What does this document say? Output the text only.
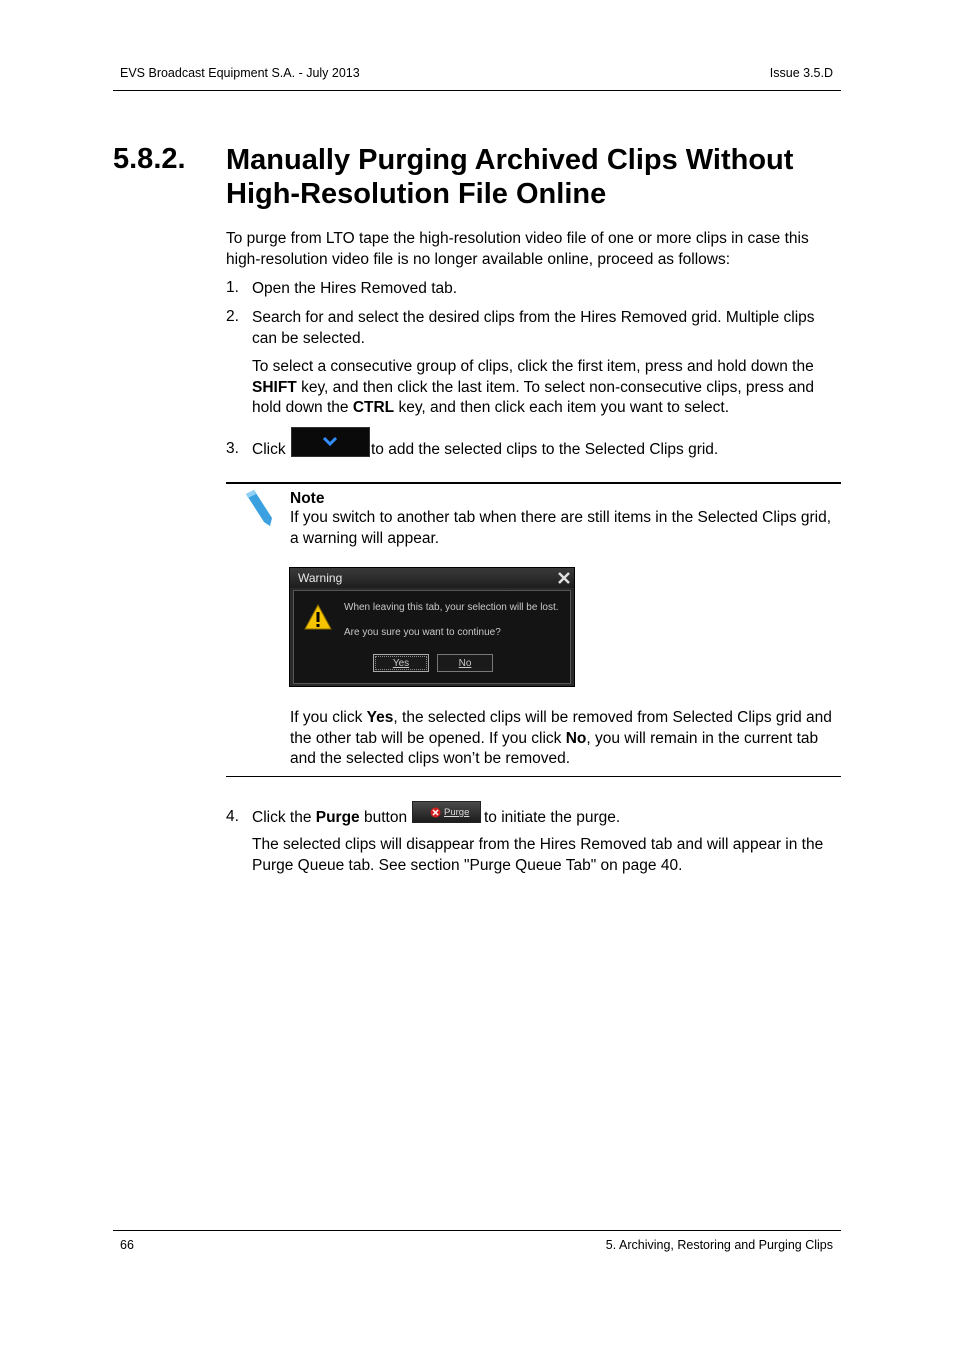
EVS Broadcast Equipment S.A. - July 2013	Issue 3.5.D
5.8.2. Manually Purging Archived Clips Without High-Resolution File Online
To purge from LTO tape the high-resolution video file of one or more clips in case this high-resolution video file is no longer available online, proceed as follows:
1. Open the Hires Removed tab.
2. Search for and select the desired clips from the Hires Removed grid. Multiple clips can be selected.
To select a consecutive group of clips, click the first item, press and hold down the SHIFT key, and then click the last item. To select non-consecutive clips, press and hold down the CTRL key, and then click each item you want to select.
3. Click	to add the selected clips to the Selected Clips grid.
Note
If you switch to another tab when there are still items in the Selected Clips grid, a warning will appear.
Warning
When leaving this tab, your selection will be lost.
Are you sure you want to continue?
Yes	No
If you click Yes, the selected clips will be removed from Selected Clips grid and the other tab will be opened. If you click No, you will remain in the current tab and the selected clips won’t be removed.
4. Click the Purge button	Purge to initiate the purge.
The selected clips will disappear from the Hires Removed tab and will appear in the Purge Queue tab. See section "Purge Queue Tab" on page 40.
66	5. Archiving, Restoring and Purging Clips
